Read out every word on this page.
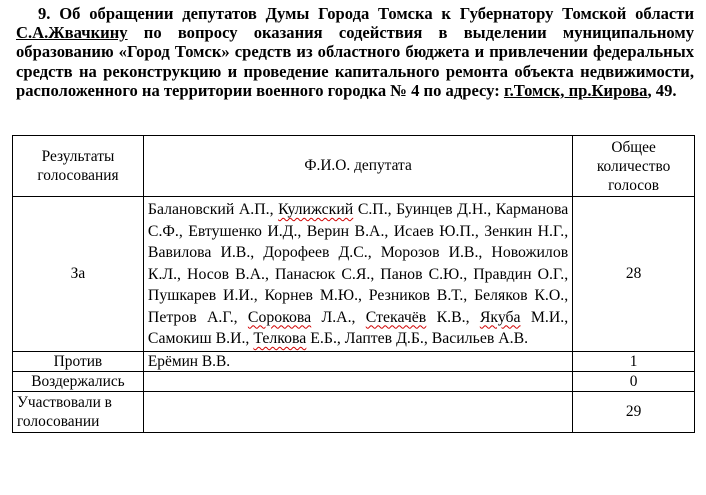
9. Об обращении депутатов Думы Города Томска к Губернатору Томской области С.А.Жвачкину по вопросу оказания содействия в выделении муниципальному образованию «Город Томск» средств из областного бюджета и привлечении федеральных средств на реконструкцию и проведение капитального ремонта объекта недвижимости, расположенного на территории военного городка № 4 по адресу: г.Томск, пр.Кирова, 49.
Результаты голосования	Ф.И.О. депутата	Общее количество голосов
За	Балановский А.П., Кулижский С.П., Буинцев Д.Н., Карманова С.Ф., Евтушенко И.Д., Верин В.А., Исаев Ю.П., Зенкин Н.Г., Вавилова И.В., Дорофеев Д.С., Морозов И.В., Новожилов К.Л., Носов В.А., Панасюк С.Я., Панов С.Ю., Правдин О.Г., Пушкарев И.И., Корнев М.Ю., Резников В.Т., Беляков К.О., Петров А.Г., Сорокова Л.А., Стекачёв К.В., Якуба М.И., Самокиш В.И., Телкова Е.Б., Лаптев Д.Б., Васильев А.В.	28
Против	Ерёмин В.В.	1
Воздержались		0
Участвовали в голосовании		29
